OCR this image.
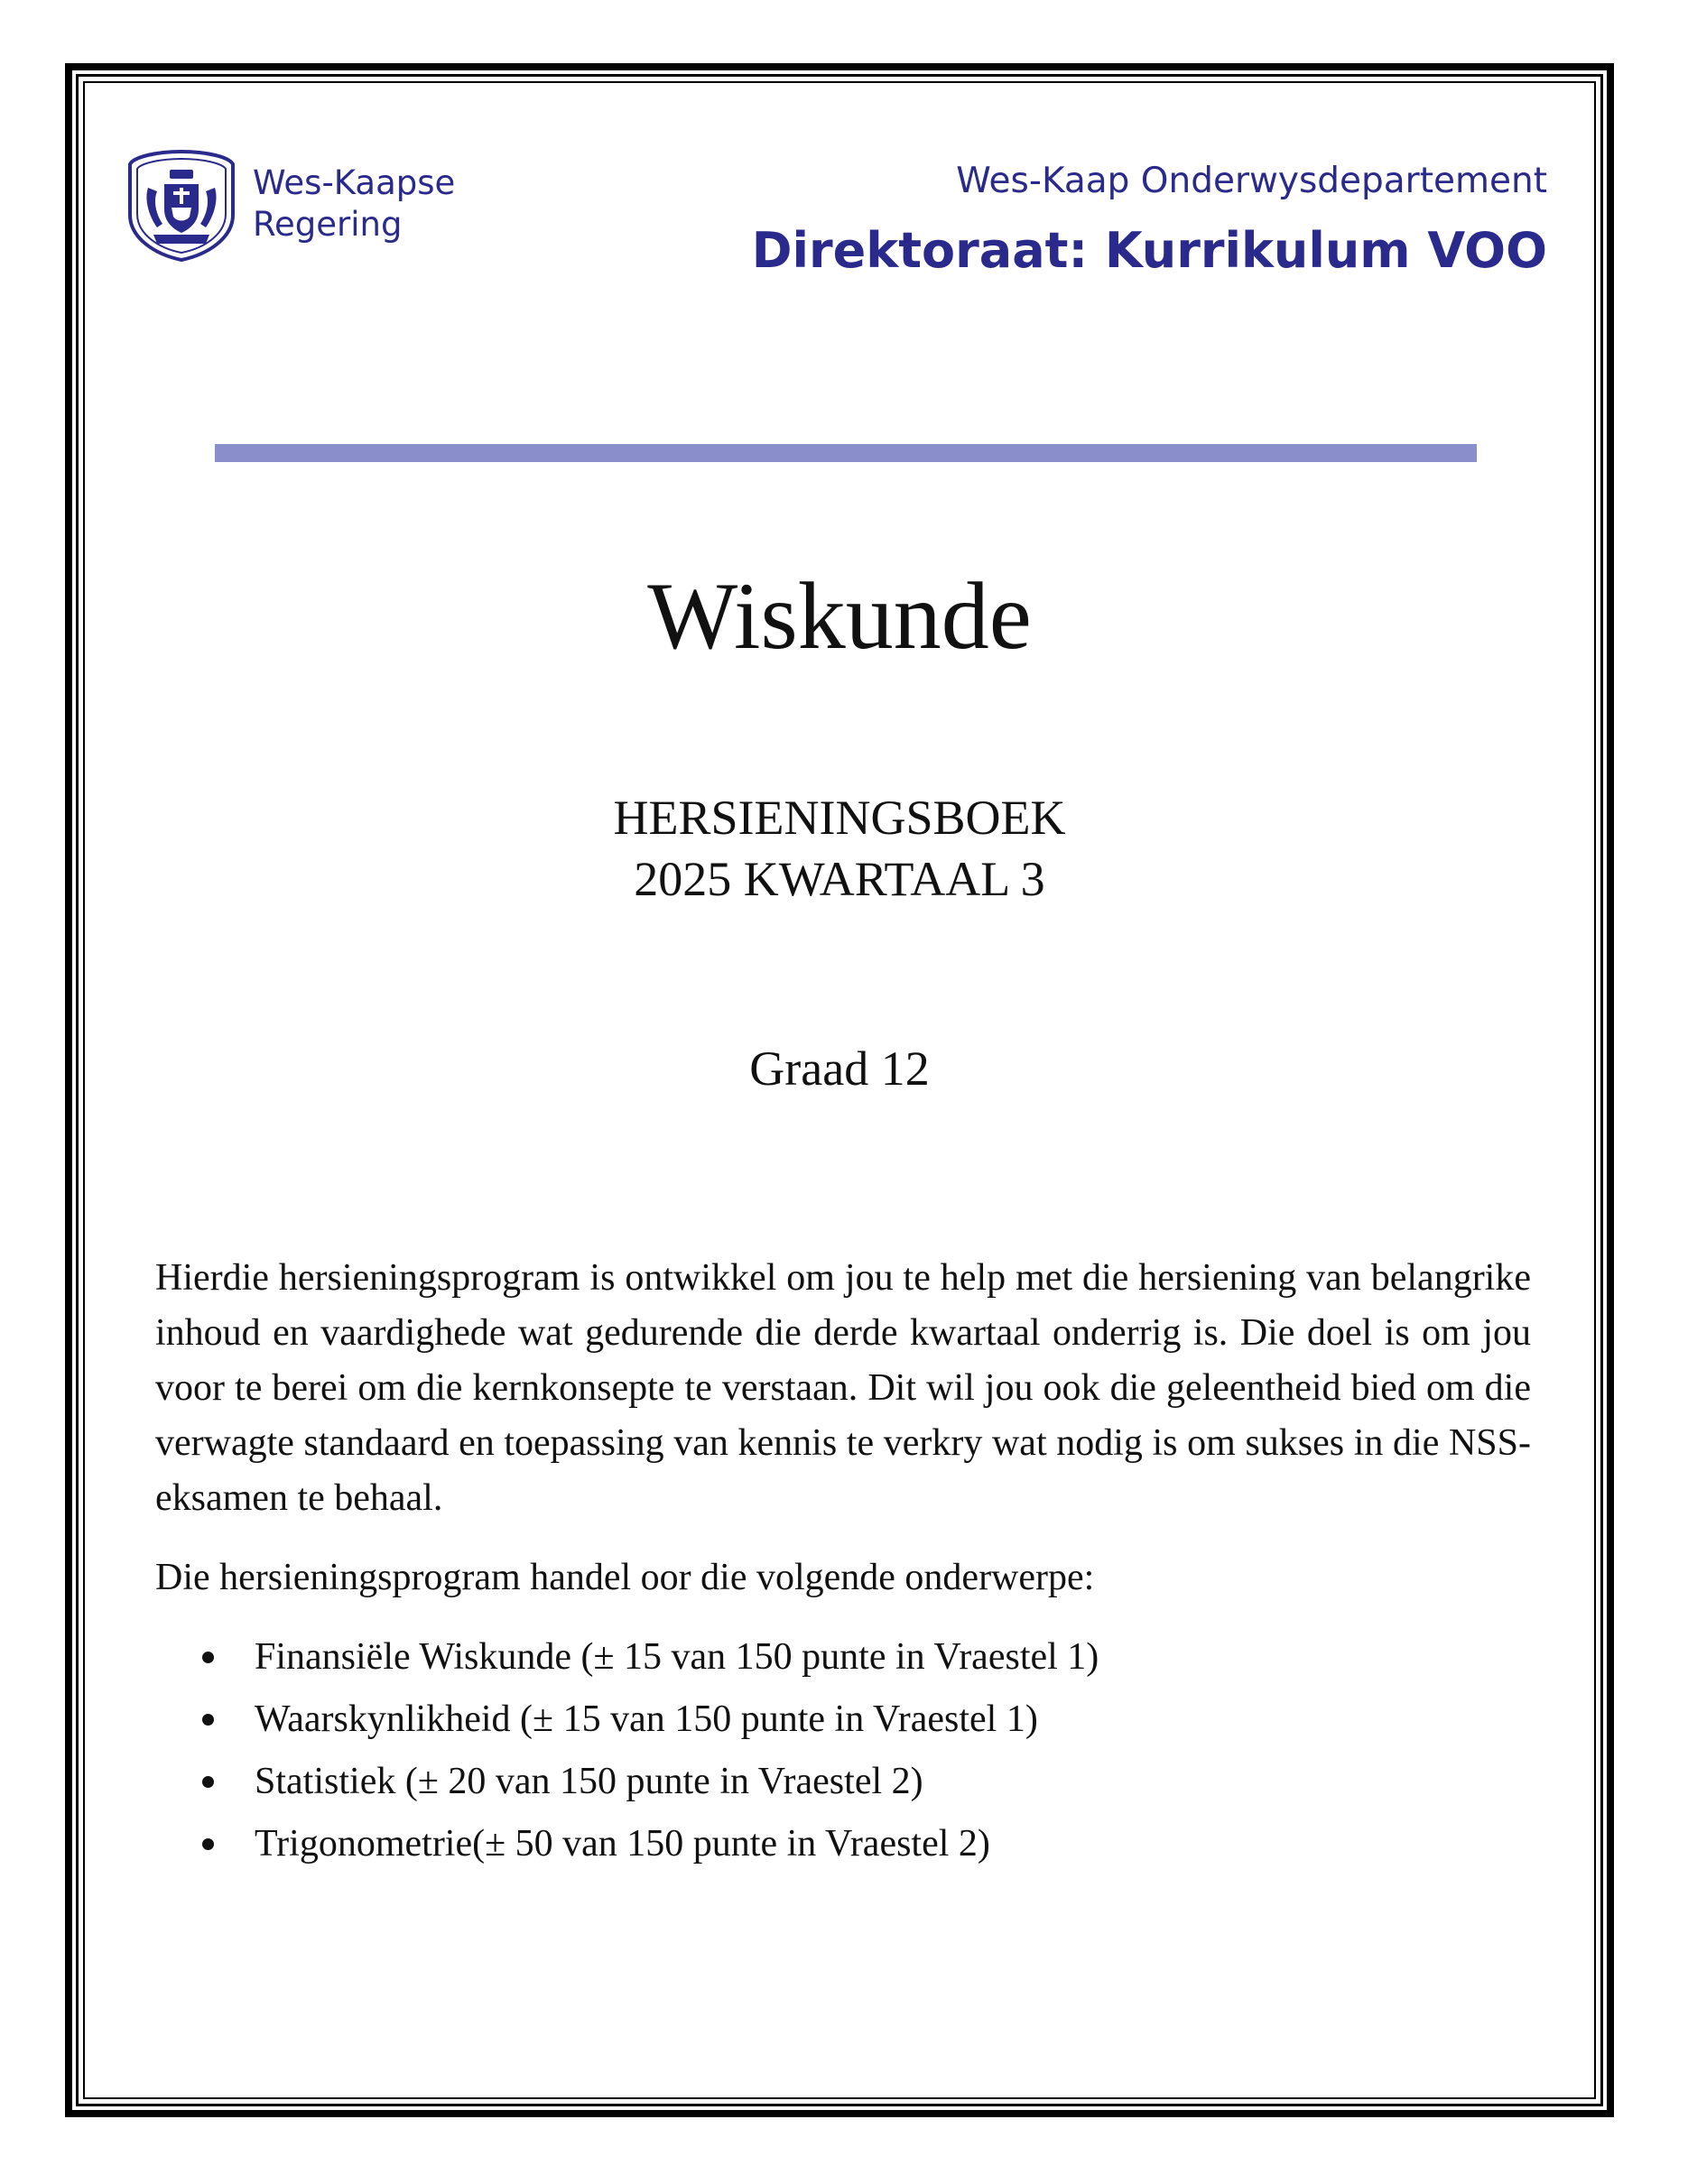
Wes-Kaapse
Regering
Wes-Kaap Onderwysdepartement
Direktoraat: Kurrikulum VOO
Wiskunde
HERSIENINGSBOEK
2025 KWARTAAL 3
Graad 12

Hierdie hersieningsprogram is ontwikkel om jou te help met die hersiening van belangrike inhoud en vaardighede wat gedurende die derde kwartaal onderrig is. Die doel is om jou voor te berei om die kernkonsepte te verstaan. Dit wil jou ook die geleentheid bied om die verwagte standaard en toepassing van kennis te verkry wat nodig is om sukses in die NSS-eksamen te behaal.

Die hersieningsprogram handel oor die volgende onderwerpe:

Finansiële Wiskunde (± 15 van 150 punte in Vraestel 1)
Waarskynlikheid (± 15 van 150 punte in Vraestel 1)
Statistiek (± 20 van 150 punte in Vraestel 2)
Trigonometrie(± 50 van 150 punte in Vraestel 2)
